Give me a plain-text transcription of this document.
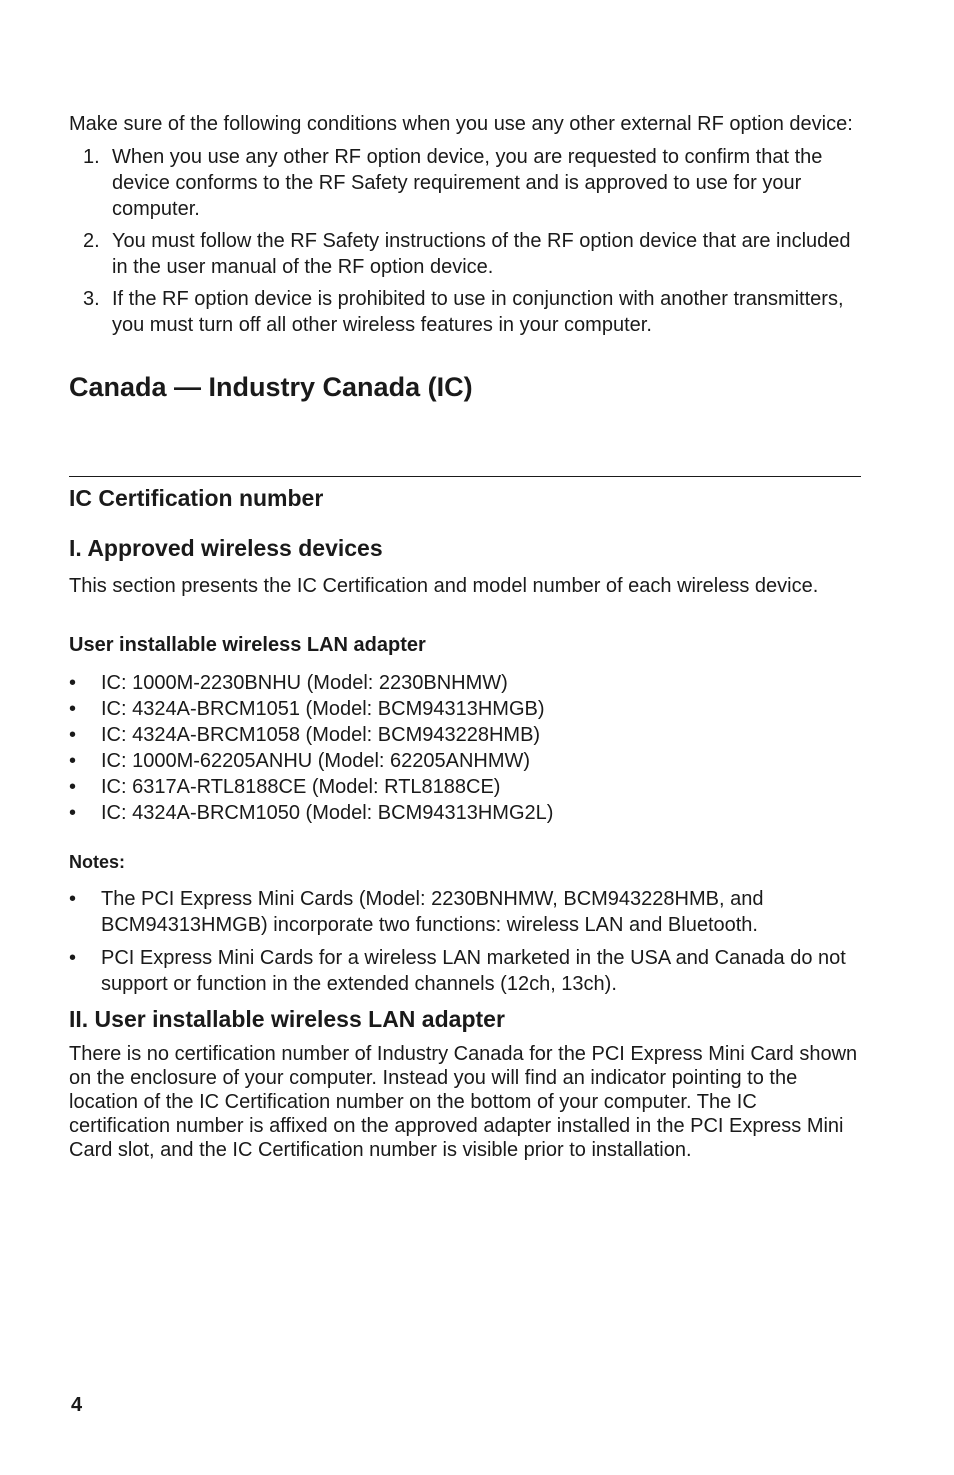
Make sure of the following conditions when you use any other external RF option device:

1. When you use any other RF option device, you are requested to confirm that the device conforms to the RF Safety requirement and is approved to use for your computer.
2. You must follow the RF Safety instructions of the RF option device that are included in the user manual of the RF option device.
3. If the RF option device is prohibited to use in conjunction with another transmitters, you must turn off all other wireless features in your computer.
Canada — Industry Canada (IC)
IC Certification number
I. Approved wireless devices

This section presents the IC Certification and model number of each wireless device.

User installable wireless LAN adapter
• IC: 1000M-2230BNHU (Model: 2230BNHMW)
• IC: 4324A-BRCM1051 (Model: BCM94313HMGB)
• IC: 4324A-BRCM1058 (Model: BCM943228HMB)
• IC: 1000M-62205ANHU (Model: 62205ANHMW)
• IC: 6317A-RTL8188CE (Model: RTL8188CE)
• IC: 4324A-BRCM1050 (Model: BCM94313HMG2L)
Notes:
• The PCI Express Mini Cards (Model: 2230BNHMW, BCM943228HMB, and BCM94313HMGB) incorporate two functions: wireless LAN and Bluetooth.
• PCI Express Mini Cards for a wireless LAN marketed in the USA and Canada do not support or function in the extended channels (12ch, 13ch).
II. User installable wireless LAN adapter

There is no certification number of Industry Canada for the PCI Express Mini Card shown on the enclosure of your computer. Instead you will find an indicator pointing to the location of the IC Certification number on the bottom of your computer. The IC certification number is affixed on the approved adapter installed in the PCI Express Mini Card slot, and the IC Certification number is visible prior to installation.

4
